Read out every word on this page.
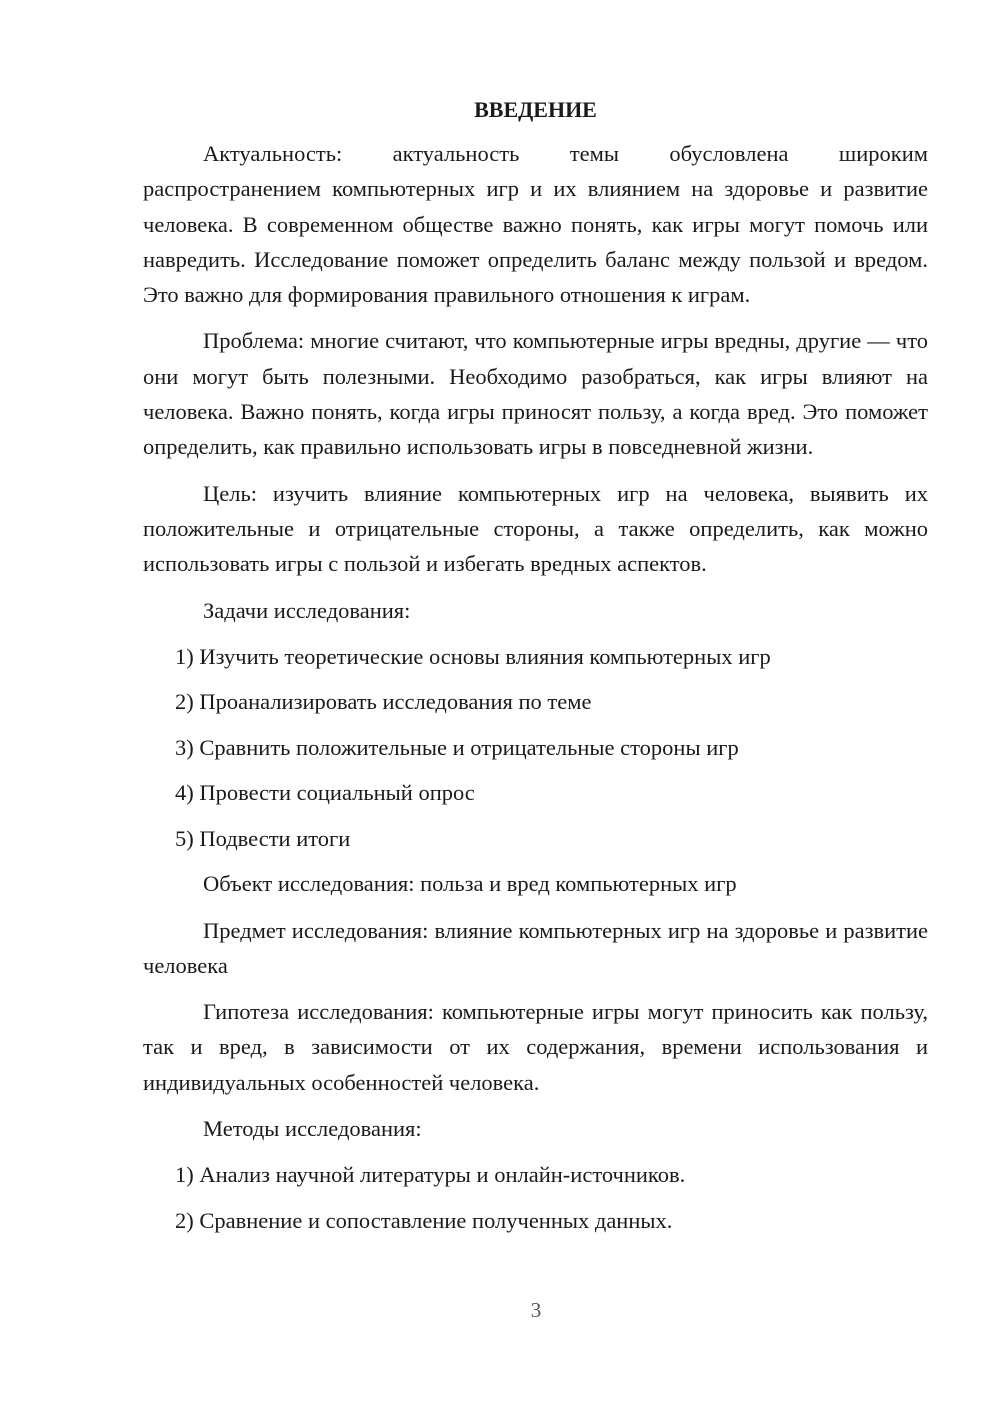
ВВЕДЕНИЕ

Актуальность: актуальность темы обусловлена широким распространением компьютерных игр и их влиянием на здоровье и развитие человека. В современном обществе важно понять, как игры могут помочь или навредить. Исследование поможет определить баланс между пользой и вредом. Это важно для формирования правильного отношения к играм.

Проблема: многие считают, что компьютерные игры вредны, другие — что они могут быть полезными. Необходимо разобраться, как игры влияют на человека. Важно понять, когда игры приносят пользу, а когда вред. Это поможет определить, как правильно использовать игры в повседневной жизни.

Цель: изучить влияние компьютерных игр на человека, выявить их положительные и отрицательные стороны, а также определить, как можно использовать игры с пользой и избегать вредных аспектов.

Задачи исследования:

1) Изучить теоретические основы влияния компьютерных игр
2) Проанализировать исследования по теме
3) Сравнить положительные и отрицательные стороны игр
4) Провести социальный опрос
5) Подвести итоги

Объект исследования: польза и вред компьютерных игр

Предмет исследования: влияние компьютерных игр на здоровье и развитие человека

Гипотеза исследования: компьютерные игры могут приносить как пользу, так и вред, в зависимости от их содержания, времени использования и индивидуальных особенностей человека.

Методы исследования:

1) Анализ научной литературы и онлайн-источников.
2) Сравнение и сопоставление полученных данных.
3
